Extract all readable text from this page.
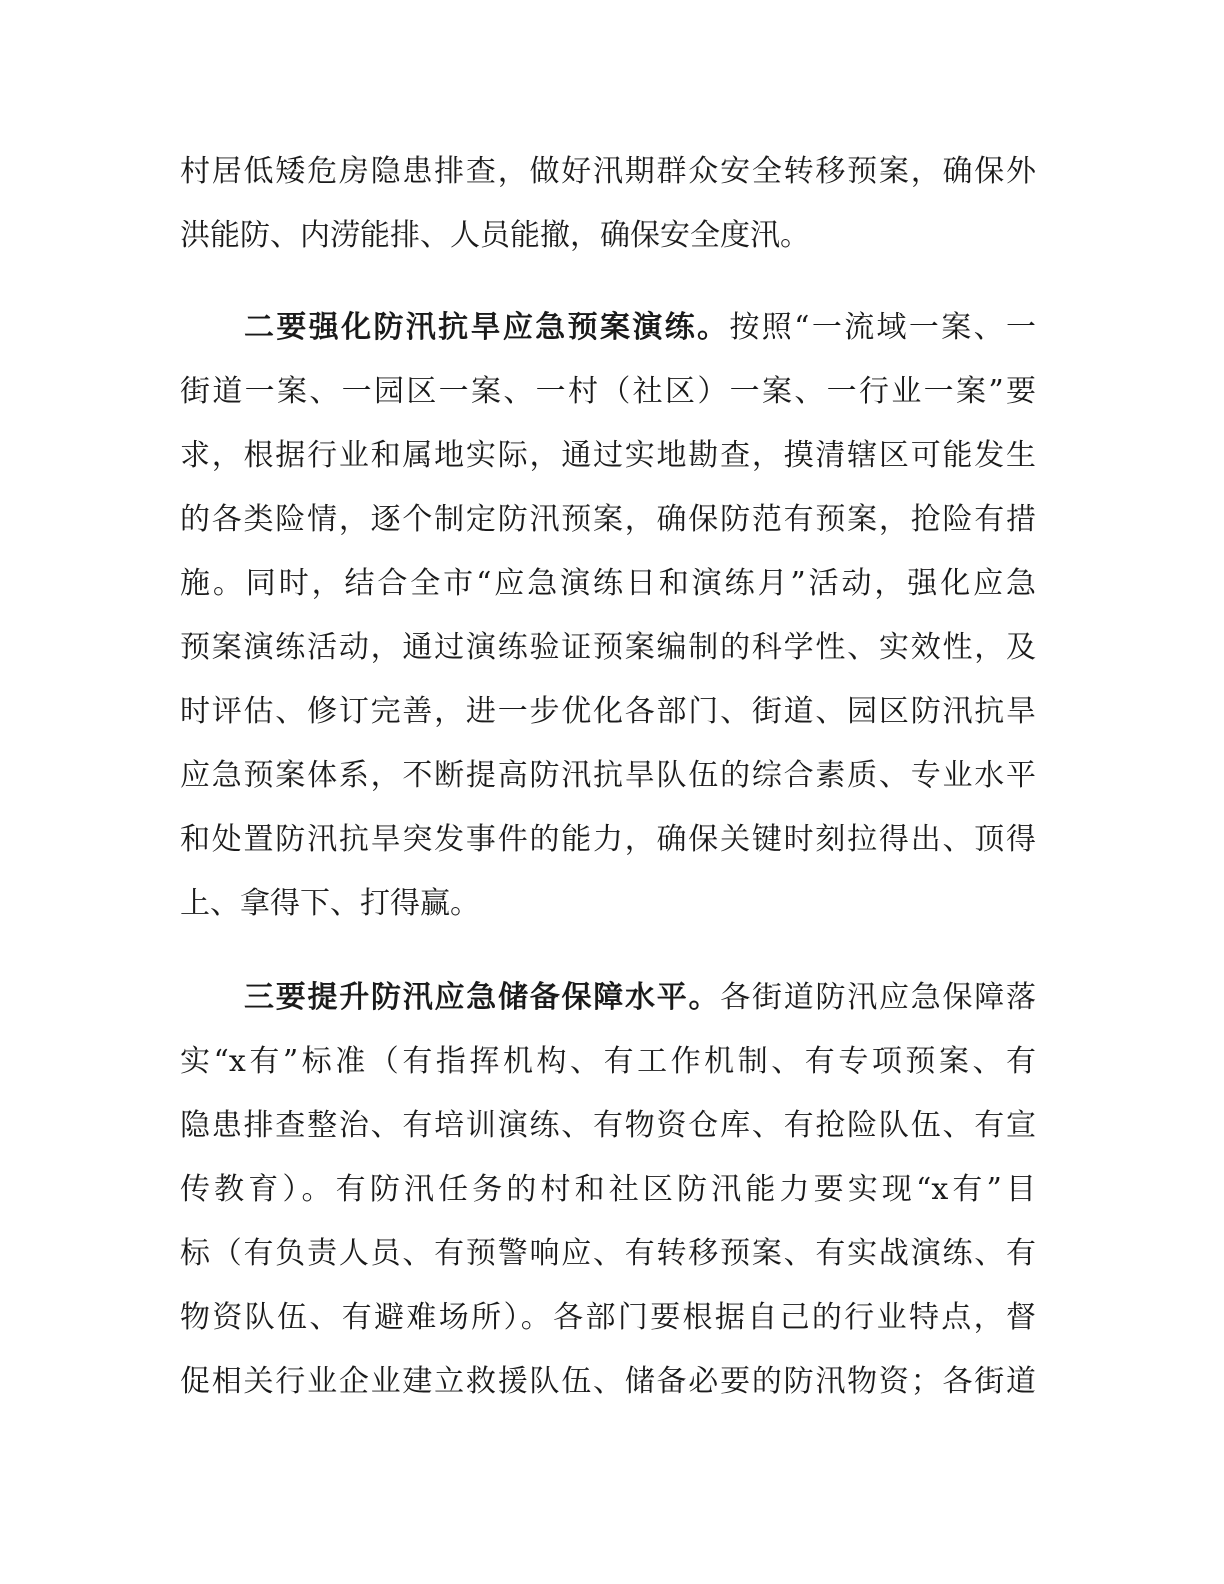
村居低矮危房隐患排查，做好汛期群众安全转移预案，确保外
洪能防、内涝能排、人员能撤，确保安全度汛。
二要强化防汛抗旱应急预案演练。按照“一流域一案、一
街道一案、一园区一案、一村（社区）一案、一行业一案”要
求，根据行业和属地实际，通过实地勘查，摸清辖区可能发生
的各类险情，逐个制定防汛预案，确保防范有预案，抢险有措
施。同时，结合全市“应急演练日和演练月”活动，强化应急
预案演练活动，通过演练验证预案编制的科学性、实效性，及
时评估、修订完善，进一步优化各部门、街道、园区防汛抗旱
应急预案体系，不断提高防汛抗旱队伍的综合素质、专业水平
和处置防汛抗旱突发事件的能力，确保关键时刻拉得出、顶得
上、拿得下、打得赢。
三要提升防汛应急储备保障水平。各街道防汛应急保障落
实“x有”标准（有指挥机构、有工作机制、有专项预案、有
隐患排查整治、有培训演练、有物资仓库、有抢险队伍、有宣
传教育）。有防汛任务的村和社区防汛能力要实现“x有”目
标（有负责人员、有预警响应、有转移预案、有实战演练、有
物资队伍、有避难场所）。各部门要根据自己的行业特点，督
促相关行业企业建立救援队伍、储备必要的防汛物资；各街道
